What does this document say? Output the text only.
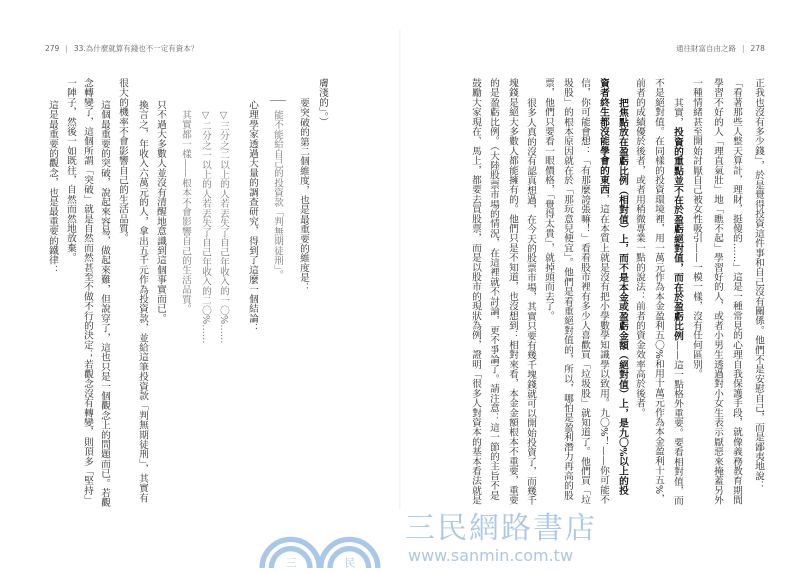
279 | 33.為什麼就算有錢也不一定有資本？	通往財富自由之路 | 278
正我也沒有多少錢」，於是覺得投資這件事和自己沒有關係。他們不是安慰自己，而是鄙夷地說：
「看著那些人整天算計，理財，挺傻的……」這是一種常見的心理自我保護手段，就像義務教育期間
學習不好的人「理直氣壯」地「瞧不起」學習好的人，或者小男生透過對小女生表示厭惡來掩蓋另外
一種情緒甚至開始討厭自己被女性吸引——一模一樣，沒有任何區別。
其實，投資的重點並不在於盈虧絕對值，而在於盈虧比例——這一點格外重要。要看相對值，而
不是絕對值。在同樣的投資環境裡，用一萬元作為本金盈利五〇%和用十萬元作為本金盈利十五%，
前者的成績優於後者，或者用稍微專業一點的說法：前者的資金效率高於後者。
把焦點放在盈虧比例（相對值）上，而不是本金或盈虧金額（絕對值）上，是九〇%以上的投
資者終生都沒能學會的東西，這在本質上就是沒有把小學數學知識學以致用。九〇%！——你可能不
信，你可能會想：「有那麼誇張嘛！」看看股市裡有多少人喜歡買「垃圾股」就知道了。他們買「垃
圾股」的根本原因就在於「那玩意兒便宜」。他們是看重絕對值的，所以，哪怕是盈利潛力再高的股
票，他們只要看一眼價格，「覺得太貴」，就掉頭而去了。
很多人真的沒有認真想過，在今天的股票市場，其實只要有幾千塊錢就可以開始投資了，而幾千
塊錢是絕大多數人都能擁有的。他們只是不知道，也沒想到：相對來看，本金金額根本不重要，重要
的是盈虧比例。（大陸股票市場的情況，在這裡就不討論，更不爭論了。請注意：這一節的主旨不是
鼓勵大家現在、馬上，都要去買股票，而是以股市的現狀為例，證明「很多人對資本的基本看法就是
膚淺的」。）
要突破的第二個維度，也是最重要的維度是：
能不能給自己的投資款「判無期徒刑」。
心理學家透過大量的調查研究，得到了這麼一個結論：
▽三分之二以上的人若丟失了自己年收入的一〇%……
▽二分之一以上的人若丟失了自己年收入的二〇%……
其實都一樣——根本不會影響自己的生活品質。
只不過大多數人並沒有清醒地意識到這個事實而已。
換言之，年收入六萬元的人，拿出五千元作為投資款，並給這筆投資款「判無期徒刑」，其實有
很大的機率不會影響自己的生活品質。
這個最重要的突破，說起來容易，做起來難，但說穿了，這也只是一個觀念上的問題而已。若觀
念轉變了，這個所謂「突破」就是自然而然甚至不做不行的決定；若觀念沒有轉變，則頂多「堅持」
一陣子，然後一如既往，自然而然地放棄。
這是最重要的觀念，也是最重要的鐵律：
三	民
三民網路書店
www.sanmin.com.tw
